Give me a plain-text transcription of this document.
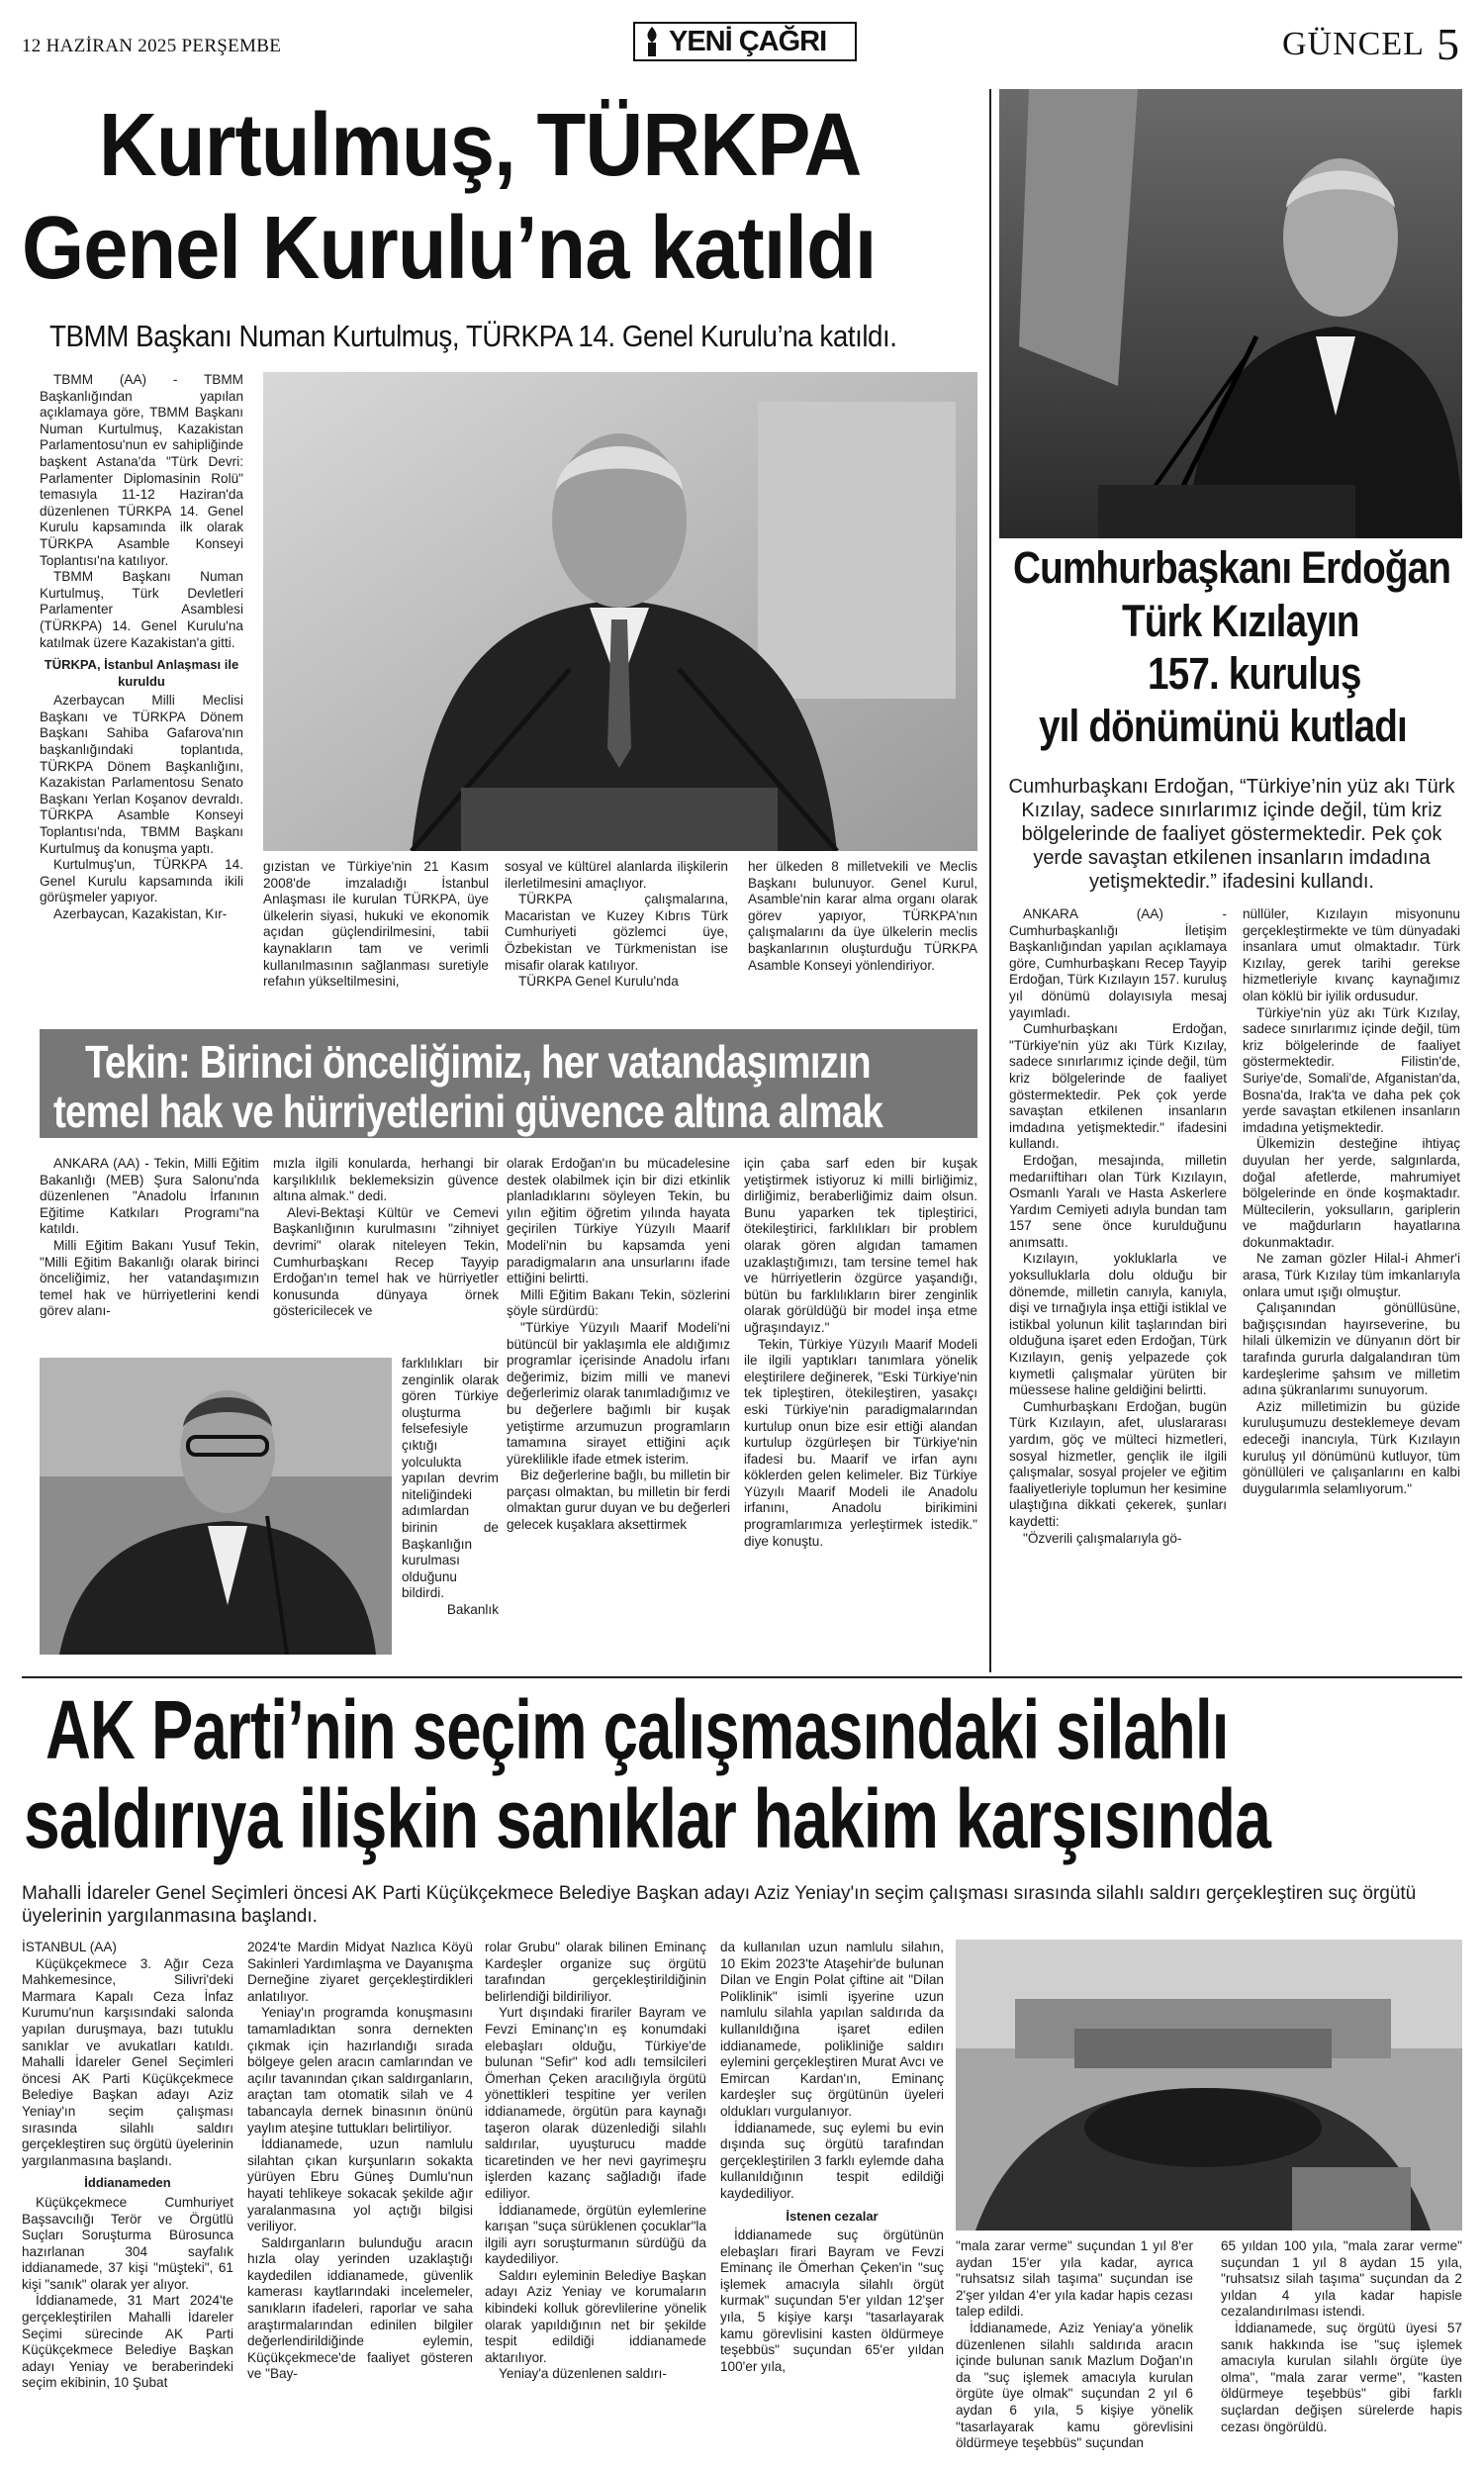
12 HAZİRAN 2025 PERŞEMBE	YENİ ÇAĞRI	GÜNCEL 5
Kurtulmuş, TÜRKPA
Genel Kurulu’na katıldı
TBMM Başkanı Numan Kurtulmuş, TÜRKPA 14. Genel Kurulu’na katıldı.

TBMM (AA) - TBMM Başkanlığından yapılan açıklamaya göre, TBMM Başkanı Numan Kurtulmuş, Kazakistan Parlamentosu'nun ev sahipliğinde başkent Astana'da "Türk Devri: Parlamenter Diplomasinin Rolü" temasıyla 11-12 Haziran'da düzenlenen TÜRKPA 14. Genel Kurulu kapsamında ilk olarak TÜRKPA Asamble Konseyi Toplantısı'na katılıyor.

TBMM Başkanı Numan Kurtulmuş, Türk Devletleri Parlamenter Asamblesi (TÜRKPA) 14. Genel Kurulu'na katılmak üzere Kazakistan'a gitti.

TÜRKPA, İstanbul Anlaşması ile kuruldu

Azerbaycan Milli Meclisi Başkanı ve TÜRKPA Dönem Başkanı Sahiba Gafarova'nın başkanlığındaki toplantıda, TÜRKPA Dönem Başkanlığını, Kazakistan Parlamentosu Senato Başkanı Yerlan Koşanov devraldı. TÜRKPA Asamble Konseyi Toplantısı'nda, TBMM Başkanı Kurtulmuş da konuşma yaptı.

Kurtulmuş'un, TÜRKPA 14. Genel Kurulu kapsamında ikili görüşmeler yapıyor.

Azerbaycan, Kazakistan, Kır-

gızistan ve Türkiye'nin 21 Kasım 2008'de imzaladığı İstanbul Anlaşması ile kurulan TÜRKPA, üye ülkelerin siyasi, hukuki ve ekonomik açıdan güçlendirilmesini, tabii kaynakların tam ve verimli kullanılmasının sağlanması suretiyle refahın yükseltilmesini,

sosyal ve kültürel alanlarda ilişkilerin ilerletilmesini amaçlıyor.

TÜRKPA çalışmalarına, Macaristan ve Kuzey Kıbrıs Türk Cumhuriyeti gözlemci üye, Özbekistan ve Türkmenistan ise misafir olarak katılıyor.

TÜRKPA Genel Kurulu'nda

her ülkeden 8 milletvekili ve Meclis Başkanı bulunuyor. Genel Kurul, Asamble'nin karar alma organı olarak görev yapıyor, TÜRKPA'nın çalışmalarını da üye ülkelerin meclis başkanlarının oluşturduğu TÜRKPA Asamble Konseyi yönlendiriyor.

Cumhurbaşkanı Erdoğan
Türk Kızılayın
157. kuruluş
yıl dönümünü kutladı
Cumhurbaşkanı Erdoğan, “Türkiye’nin yüz akı Türk Kızılay, sadece sınırlarımız içinde değil, tüm kriz bölgelerinde de faaliyet göstermektedir. Pek çok yerde savaştan etkilenen insanların imdadına yetişmektedir.” ifadesini kullandı.

ANKARA (AA) - Cumhurbaşkanlığı İletişim Başkanlığından yapılan açıklamaya göre, Cumhurbaşkanı Recep Tayyip Erdoğan, Türk Kızılayın 157. kuruluş yıl dönümü dolayısıyla mesaj yayımladı.

Cumhurbaşkanı Erdoğan, "Türkiye'nin yüz akı Türk Kızılay, sadece sınırlarımız içinde değil, tüm kriz bölgelerinde de faaliyet göstermektedir. Pek çok yerde savaştan etkilenen insanların imdadına yetişmektedir." ifadesini kullandı.

Erdoğan, mesajında, milletin medarıiftiharı olan Türk Kızılayın, Osmanlı Yaralı ve Hasta Askerlere Yardım Cemiyeti adıyla bundan tam 157 sene önce kurulduğunu anımsattı.

Kızılayın, yokluklarla ve yoksulluklarla dolu olduğu bir dönemde, milletin canıyla, kanıyla, dişi ve tırnağıyla inşa ettiği istiklal ve istikbal yolunun kilit taşlarından biri olduğuna işaret eden Erdoğan, Türk Kızılayın, geniş yelpazede çok kıymetli çalışmalar yürüten bir müessese haline geldiğini belirtti.

Cumhurbaşkanı Erdoğan, bugün Türk Kızılayın, afet, uluslararası yardım, göç ve mülteci hizmetleri, sosyal hizmetler, gençlik ile ilgili çalışmalar, sosyal projeler ve eğitim faaliyetleriyle toplumun her kesimine ulaştığına dikkati çekerek, şunları kaydetti:

"Özverili çalışmalarıyla gö-

nüllüler, Kızılayın misyonunu gerçekleştirmekte ve tüm dünyadaki insanlara umut olmaktadır. Türk Kızılay, gerek tarihi gerekse hizmetleriyle kıvanç kaynağımız olan köklü bir iyilik ordusudur.

Türkiye'nin yüz akı Türk Kızılay, sadece sınırlarımız içinde değil, tüm kriz bölgelerinde de faaliyet göstermektedir. Filistin'de, Suriye'de, Somali'de, Afganistan'da, Bosna'da, Irak'ta ve daha pek çok yerde savaştan etkilenen insanların imdadına yetişmektedir.

Ülkemizin desteğine ihtiyaç duyulan her yerde, salgınlarda, doğal afetlerde, mahrumiyet bölgelerinde en önde koşmaktadır. Mültecilerin, yoksulların, gariplerin ve mağdurların hayatlarına dokunmaktadır.

Ne zaman gözler Hilal-i Ahmer'i arasa, Türk Kızılay tüm imkanlarıyla onlara umut ışığı olmuştur.

Çalışanından gönüllüsüne, bağışçısından hayırseverine, bu hilali ülkemizin ve dünyanın dört bir tarafında gururla dalgalandıran tüm kardeşlerime şahsım ve milletim adına şükranlarımı sunuyorum.

Aziz milletimizin bu güzide kuruluşumuzu desteklemeye devam edeceği inancıyla, Türk Kızılayın kuruluş yıl dönümünü kutluyor, tüm gönüllüleri ve çalışanlarını en kalbi duygularımla selamlıyorum."

Tekin: Birinci önceliğimiz, her vatandaşımızın
temel hak ve hürriyetlerini güvence altına almak

ANKARA (AA) - Tekin, Milli Eğitim Bakanlığı (MEB) Şura Salonu'nda düzenlenen "Anadolu İrfanının Eğitime Katkıları Programı"na katıldı.

Milli Eğitim Bakanı Yusuf Tekin, "Milli Eğitim Bakanlığı olarak birinci önceliğimiz, her vatandaşımızın temel hak ve hürriyetlerini kendi görev alanı-

mızla ilgili konularda, herhangi bir karşılıklılık beklemeksizin güvence altına almak." dedi.

Alevi-Bektaşi Kültür ve Cemevi Başkanlığının kurulmasını "zihniyet devrimi" olarak niteleyen Tekin, Cumhurbaşkanı Recep Tayyip Erdoğan'ın temel hak ve hürriyetler konusunda dünyaya örnek göstericilecek ve

farklılıkları bir zenginlik olarak gören Türkiye oluşturma felsefesiyle çıktığı yolculukta yapılan devrim niteliğindeki adımlardan birinin de Başkanlığın kurulması olduğunu bildirdi.

Bakanlık

olarak Erdoğan'ın bu mücadelesine destek olabilmek için bir dizi etkinlik planladıklarını söyleyen Tekin, bu yılın eğitim öğretim yılında hayata geçirilen Türkiye Yüzyılı Maarif Modeli'nin bu kapsamda yeni paradigmaların ana unsurlarını ifade ettiğini belirtti.

Milli Eğitim Bakanı Tekin, sözlerini şöyle sürdürdü:

"Türkiye Yüzyılı Maarif Modeli'ni bütüncül bir yaklaşımla ele aldığımız programlar içerisinde Anadolu irfanı değerimiz, bizim milli ve manevi değerlerimiz olarak tanımladığımız ve bu değerlere bağımlı bir kuşak yetiştirme arzumuzun programların tamamına sirayet ettiğini açık yüreklilikle ifade etmek isterim.

Biz değerlerine bağlı, bu milletin bir parçası olmaktan, bu milletin bir ferdi olmaktan gurur duyan ve bu değerleri gelecek kuşaklara aksettirmek

için çaba sarf eden bir kuşak yetiştirmek istiyoruz ki milli birliğimiz, dirliğimiz, beraberliğimiz daim olsun. Bunu yaparken tek tipleştirici, ötekileştirici, farklılıkları bir problem olarak gören algıdan tamamen uzaklaştığımızı, tam tersine temel hak ve hürriyetlerin özgürce yaşandığı, bütün bu farklılıkların birer zenginlik olarak görüldüğü bir model inşa etme uğraşındayız."

Tekin, Türkiye Yüzyılı Maarif Modeli ile ilgili yaptıkları tanımlara yönelik eleştirilere değinerek, "Eski Türkiye'nin tek tipleştiren, ötekileştiren, yasakçı eski Türkiye'nin paradigmalarından kurtulup onun bize esir ettiği alandan kurtulup özgürleşen bir Türkiye'nin ifadesi bu. Maarif ve irfan aynı köklerden gelen kelimeler. Biz Türkiye Yüzyılı Maarif Modeli ile Anadolu irfanını, Anadolu birikimini programlarımıza yerleştirmek istedik." diye konuştu.

AK Parti’nin seçim çalışmasındaki silahlı
saldırıya ilişkin sanıklar hakim karşısında
Mahalli İdareler Genel Seçimleri öncesi AK Parti Küçükçekmece Belediye Başkan adayı Aziz Yeniay'ın seçim çalışması sırasında silahlı saldırı gerçekleştiren suç örgütü üyelerinin yargılanmasına başlandı.

İSTANBUL (AA)

Küçükçekmece 3. Ağır Ceza Mahkemesince, Silivri'deki Marmara Kapalı Ceza İnfaz Kurumu'nun karşısındaki salonda yapılan duruşmaya, bazı tutuklu sanıklar ve avukatları katıldı. Mahalli İdareler Genel Seçimleri öncesi AK Parti Küçükçekmece Belediye Başkan adayı Aziz Yeniay'ın seçim çalışması sırasında silahlı saldırı gerçekleştiren suç örgütü üyelerinin yargılanmasına başlandı.

İddianameden

Küçükçekmece Cumhuriyet Başsavcılığı Terör ve Örgütlü Suçları Soruşturma Bürosunca hazırlanan 304 sayfalık iddianamede, 37 kişi "müşteki", 61 kişi "sanık" olarak yer alıyor.

İddianamede, 31 Mart 2024'te gerçekleştirilen Mahalli İdareler Seçimi sürecinde AK Parti Küçükçekmece Belediye Başkan adayı Yeniay ve beraberindeki seçim ekibinin, 10 Şubat

2024'te Mardin Midyat Nazlıca Köyü Sakinleri Yardımlaşma ve Dayanışma Derneğine ziyaret gerçekleştirdikleri anlatılıyor.

Yeniay'ın programda konuşmasını tamamladıktan sonra dernekten çıkmak için hazırlandığı sırada bölgeye gelen aracın camlarından ve açılır tavanından çıkan saldırganların, araçtan tam otomatik silah ve 4 tabancayla dernek binasının önünü yaylım ateşine tuttukları belirtiliyor.

İddianamede, uzun namlulu silahtan çıkan kurşunların sokakta yürüyen Ebru Güneş Dumlu'nun hayati tehlikeye sokacak şekilde ağır yaralanmasına yol açtığı bilgisi veriliyor.

Saldırganların bulunduğu aracın hızla olay yerinden uzaklaştığı kaydedilen iddianamede, güvenlik kamerası kaytlarındaki incelemeler, sanıkların ifadeleri, raporlar ve saha araştırmalarından edinilen bilgiler değerlendirildiğinde eylemin, Küçükçekmece'de faaliyet gösteren ve "Bay-

rolar Grubu" olarak bilinen Eminanç Kardeşler organize suç örgütü tarafından gerçekleştirildiğinin belirlendiği bildiriliyor.

Yurt dışındaki firariler Bayram ve Fevzi Eminanç'ın eş konumdaki elebaşları olduğu, Türkiye'de bulunan "Sefir" kod adlı temsilcileri Ömerhan Çeken aracılığıyla örgütü yönettikleri tespitine yer verilen iddianamede, örgütün para kaynağı taşeron olarak düzenlediği silahlı saldırılar, uyuşturucu madde ticaretinden ve her nevi gayrimeşru işlerden kazanç sağladığı ifade ediliyor.

İddianamede, örgütün eylemlerine karışan "suça sürüklenen çocuklar"la ilgili ayrı soruşturmanın sürdüğü da kaydediliyor.

Saldırı eyleminin Belediye Başkan adayı Aziz Yeniay ve korumaların kibindeki kolluk görevlilerine yönelik olarak yapıldığının net bir şekilde tespit edildiği iddianamede aktarılıyor.

Yeniay'a düzenlenen saldırı-

da kullanılan uzun namlulu silahın, 10 Ekim 2023'te Ataşehir'de bulunan Dilan ve Engin Polat çiftine ait "Dilan Poliklinik" isimli işyerine uzun namlulu silahla yapılan saldırıda da kullanıldığına işaret edilen iddianamede, polikliniğe saldırı eylemini gerçekleştiren Murat Avcı ve Emircan Kardan'ın, Eminanç kardeşler suç örgütünün üyeleri oldukları vurgulanıyor.

İddianamede, suç eylemi bu evin dışında suç örgütü tarafından gerçekleştirilen 3 farklı eylemde daha kullanıldığının tespit edildiği kaydediliyor.

İstenen cezalar

İddianamede suç örgütünün elebaşları firari Bayram ve Fevzi Eminanç ile Ömerhan Çeken'in "suç işlemek amacıyla silahlı örgüt kurmak" suçundan 5'er yıldan 12'şer yıla, 5 kişiye karşı "tasarlayarak kamu görevlisini kasten öldürmeye teşebbüs" suçundan 65'er yıldan 100'er yıla,

"mala zarar verme" suçundan 1 yıl 8'er aydan 15'er yıla kadar, ayrıca "ruhsatsız silah taşıma" suçundan ise 2'şer yıldan 4'er yıla kadar hapis cezası talep edildi.

İddianamede, Aziz Yeniay'a yönelik düzenlenen silahlı saldırıda aracın içinde bulunan sanık Mazlum Doğan'ın da "suç işlemek amacıyla kurulan örgüte üye olmak" suçundan 2 yıl 6 aydan 6 yıla, 5 kişiye yönelik "tasarlayarak kamu görevlisini öldürmeye teşebbüs" suçundan

65 yıldan 100 yıla, "mala zarar verme" suçundan 1 yıl 8 aydan 15 yıla, "ruhsatsız silah taşıma" suçundan da 2 yıldan 4 yıla kadar hapisle cezalandırılması istendi.

İddianamede, suç örgütü üyesi 57 sanık hakkında ise "suç işlemek amacıyla kurulan silahlı örgüte üye olma", "mala zarar verme", "kasten öldürmeye teşebbüs" gibi farklı suçlardan değişen sürelerde hapis cezası öngörüldü.
